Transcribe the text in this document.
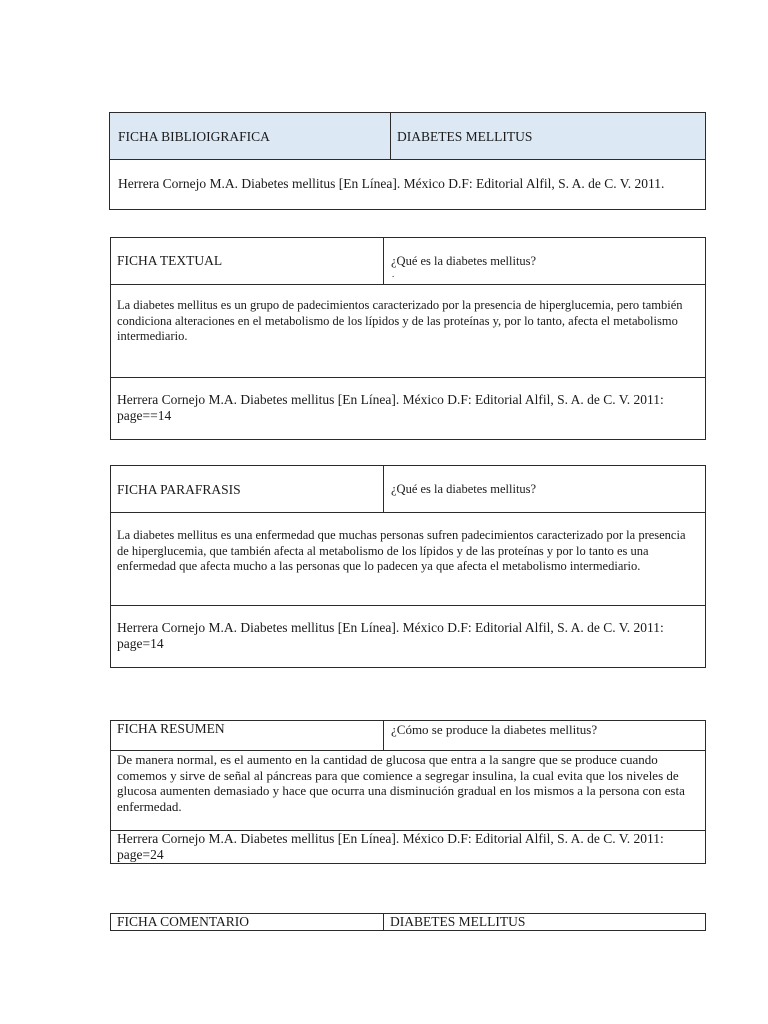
FICHA BIBLIOIGRAFICA	DIABETES MELLITUS

Herrera Cornejo M.A. Diabetes mellitus [En Línea]. México D.F: Editorial Alfil, S. A. de C. V. 2011.
FICHA TEXTUAL	¿Qué es la diabetes mellitus?
.

La diabetes mellitus es un grupo de padecimientos caracterizado por la presencia de hiperglucemia, pero también condiciona alteraciones en el metabolismo de los lípidos y de las proteínas y, por lo tanto, afecta el metabolismo intermediario.

Herrera Cornejo M.A. Diabetes mellitus [En Línea]. México D.F: Editorial Alfil, S. A. de C. V. 2011: page==14
FICHA PARAFRASIS	¿Qué es la diabetes mellitus?

La diabetes mellitus es una enfermedad que muchas personas sufren padecimientos caracterizado por la presencia de hiperglucemia, que también afecta al metabolismo de los lípidos y de las proteínas y por lo tanto es una enfermedad que afecta mucho a las personas que lo padecen ya que afecta el metabolismo intermediario.

Herrera Cornejo M.A. Diabetes mellitus [En Línea]. México D.F: Editorial Alfil, S. A. de C. V. 2011: page=14
FICHA RESUMEN	¿Cómo se produce la diabetes mellitus?

De manera normal, es el aumento en la cantidad de glucosa que entra a la sangre que se produce cuando comemos y sirve de señal al páncreas para que comience a segregar insulina, la cual evita que los niveles de glucosa aumenten demasiado y hace que ocurra una disminución gradual en los mismos a la persona con esta enfermedad.

Herrera Cornejo M.A. Diabetes mellitus [En Línea]. México D.F: Editorial Alfil, S. A. de C. V. 2011: page=24
FICHA COMENTARIO	DIABETES MELLITUS
